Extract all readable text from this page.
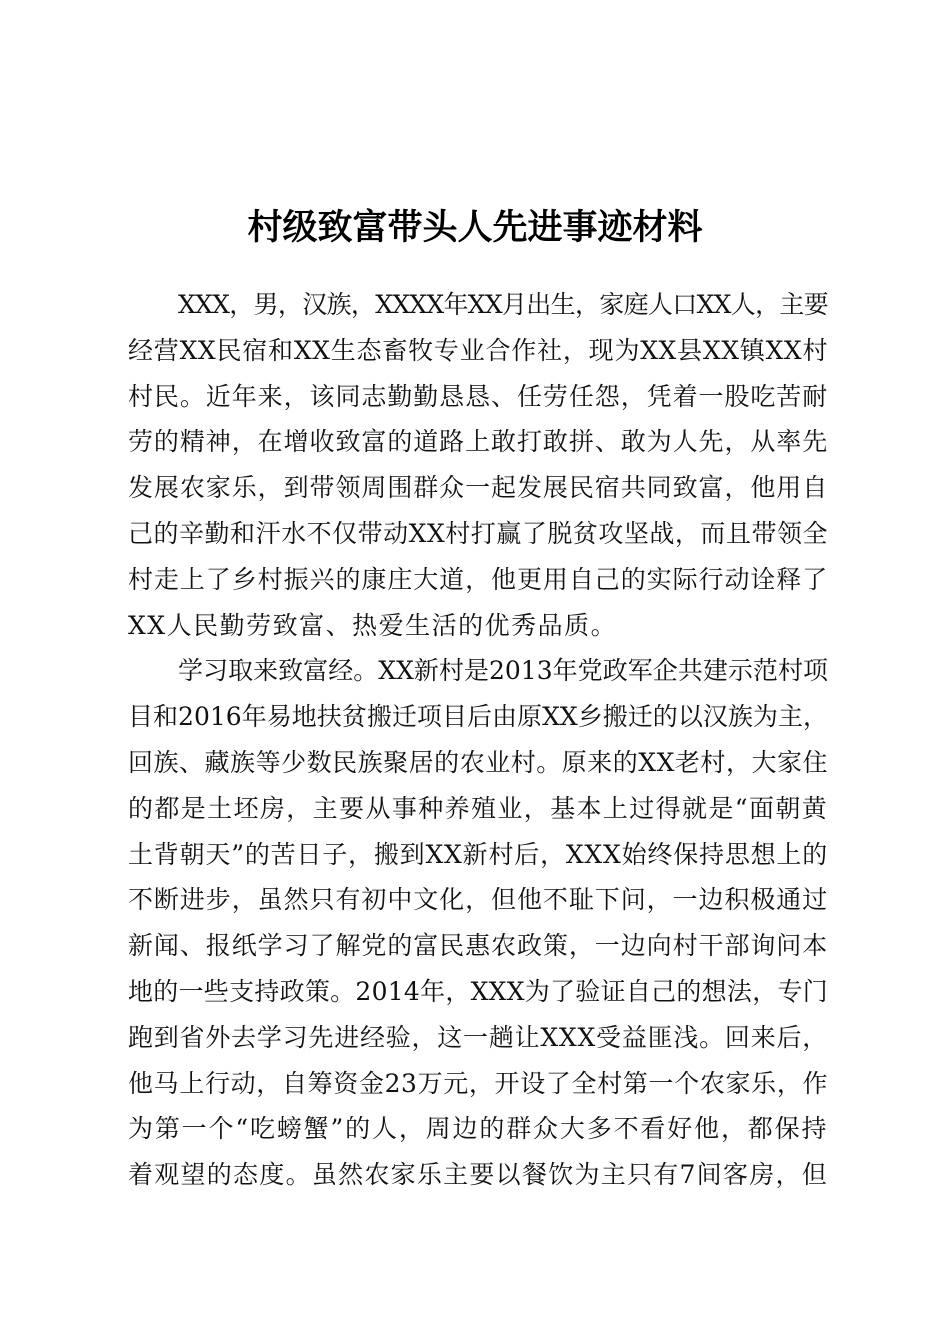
村级致富带头人先进事迹材料
XXX，男，汉族，XXXX年XX月出生，家庭人口XX人，主要
经营XX民宿和XX生态畜牧专业合作社，现为XX县XX镇XX村
村民。近年来，该同志勤勤恳恳、任劳任怨，凭着一股吃苦耐
劳的精神，在增收致富的道路上敢打敢拼、敢为人先，从率先
发展农家乐，到带领周围群众一起发展民宿共同致富，他用自
己的辛勤和汗水不仅带动XX村打赢了脱贫攻坚战，而且带领全
村走上了乡村振兴的康庄大道，他更用自己的实际行动诠释了
XX人民勤劳致富、热爱生活的优秀品质。
学习取来致富经。XX新村是2013年党政军企共建示范村项
目和2016年易地扶贫搬迁项目后由原XX乡搬迁的以汉族为主，
回族、藏族等少数民族聚居的农业村。原来的XX老村，大家住
的都是土坯房，主要从事种养殖业，基本上过得就是“面朝黄
土背朝天”的苦日子，搬到XX新村后，XXX始终保持思想上的
不断进步，虽然只有初中文化，但他不耻下问，一边积极通过
新闻、报纸学习了解党的富民惠农政策，一边向村干部询问本
地的一些支持政策。2014年，XXX为了验证自己的想法，专门
跑到省外去学习先进经验，这一趟让XXX受益匪浅。回来后，
他马上行动，自筹资金23万元，开设了全村第一个农家乐，作
为第一个“吃螃蟹”的人，周边的群众大多不看好他，都保持
着观望的态度。虽然农家乐主要以餐饮为主只有7间客房，但
